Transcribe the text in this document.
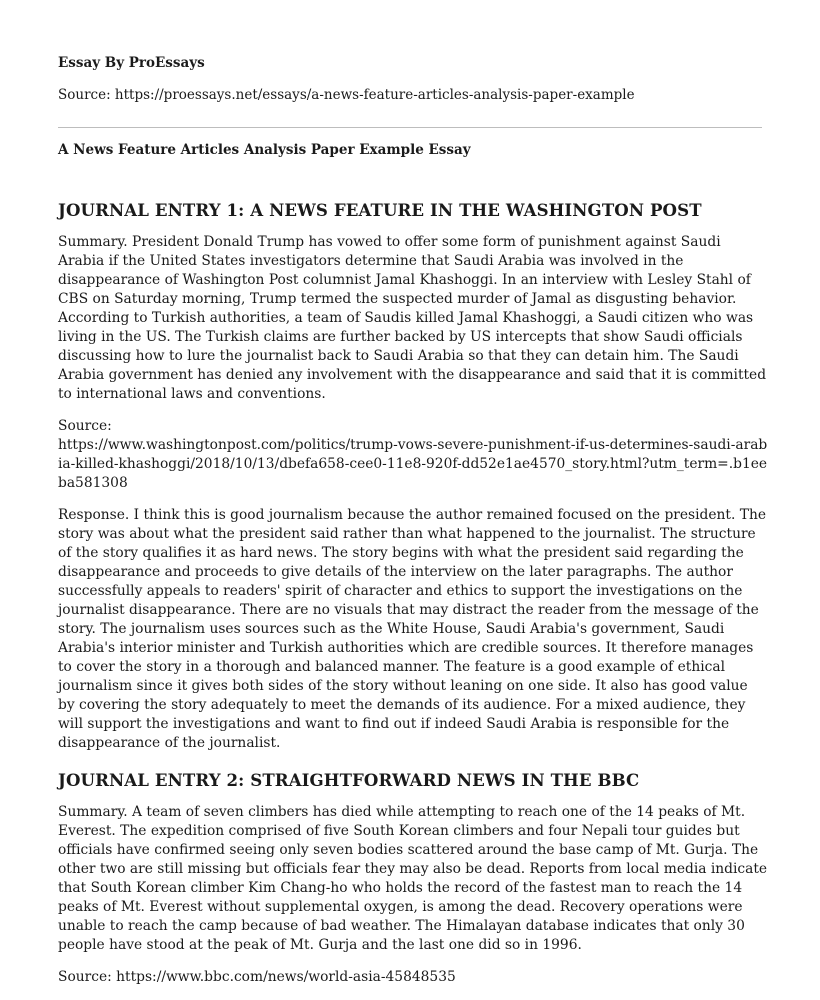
Essay By ProEssays
Source: https://proessays.net/essays/a-news-feature-articles-analysis-paper-example
A News Feature Articles Analysis Paper Example Essay
JOURNAL ENTRY 1: A NEWS FEATURE IN THE WASHINGTON POST

Summary. President Donald Trump has vowed to offer some form of punishment against Saudi Arabia if the United States investigators determine that Saudi Arabia was involved in the disappearance of Washington Post columnist Jamal Khashoggi. In an interview with Lesley Stahl of CBS on Saturday morning, Trump termed the suspected murder of Jamal as disgusting behavior. According to Turkish authorities, a team of Saudis killed Jamal Khashoggi, a Saudi citizen who was living in the US. The Turkish claims are further backed by US intercepts that show Saudi officials discussing how to lure the journalist back to Saudi Arabia so that they can detain him. The Saudi Arabia government has denied any involvement with the disappearance and said that it is committed to international laws and conventions.

Source:
https://www.washingtonpost.com/politics/trump-vows-severe-punishment-if-us-determines-saudi-arabia-killed-khashoggi/2018/10/13/dbefa658-cee0-11e8-920f-dd52e1ae4570_story.html?utm_term=.b1eeba581308

Response. I think this is good journalism because the author remained focused on the president. The story was about what the president said rather than what happened to the journalist. The structure of the story qualifies it as hard news. The story begins with what the president said regarding the disappearance and proceeds to give details of the interview on the later paragraphs. The author successfully appeals to readers' spirit of character and ethics to support the investigations on the journalist disappearance. There are no visuals that may distract the reader from the message of the story. The journalism uses sources such as the White House, Saudi Arabia's government, Saudi Arabia's interior minister and Turkish authorities which are credible sources. It therefore manages to cover the story in a thorough and balanced manner. The feature is a good example of ethical journalism since it gives both sides of the story without leaning on one side. It also has good value by covering the story adequately to meet the demands of its audience. For a mixed audience, they will support the investigations and want to find out if indeed Saudi Arabia is responsible for the disappearance of the journalist.

JOURNAL ENTRY 2: STRAIGHTFORWARD NEWS IN THE BBC

Summary. A team of seven climbers has died while attempting to reach one of the 14 peaks of Mt. Everest. The expedition comprised of five South Korean climbers and four Nepali tour guides but officials have confirmed seeing only seven bodies scattered around the base camp of Mt. Gurja. The other two are still missing but officials fear they may also be dead. Reports from local media indicate that South Korean climber Kim Chang-ho who holds the record of the fastest man to reach the 14 peaks of Mt. Everest without supplemental oxygen, is among the dead. Recovery operations were unable to reach the camp because of bad weather. The Himalayan database indicates that only 30 people have stood at the peak of Mt. Gurja and the last one did so in 1996.

Source: https://www.bbc.com/news/world-asia-45848535
